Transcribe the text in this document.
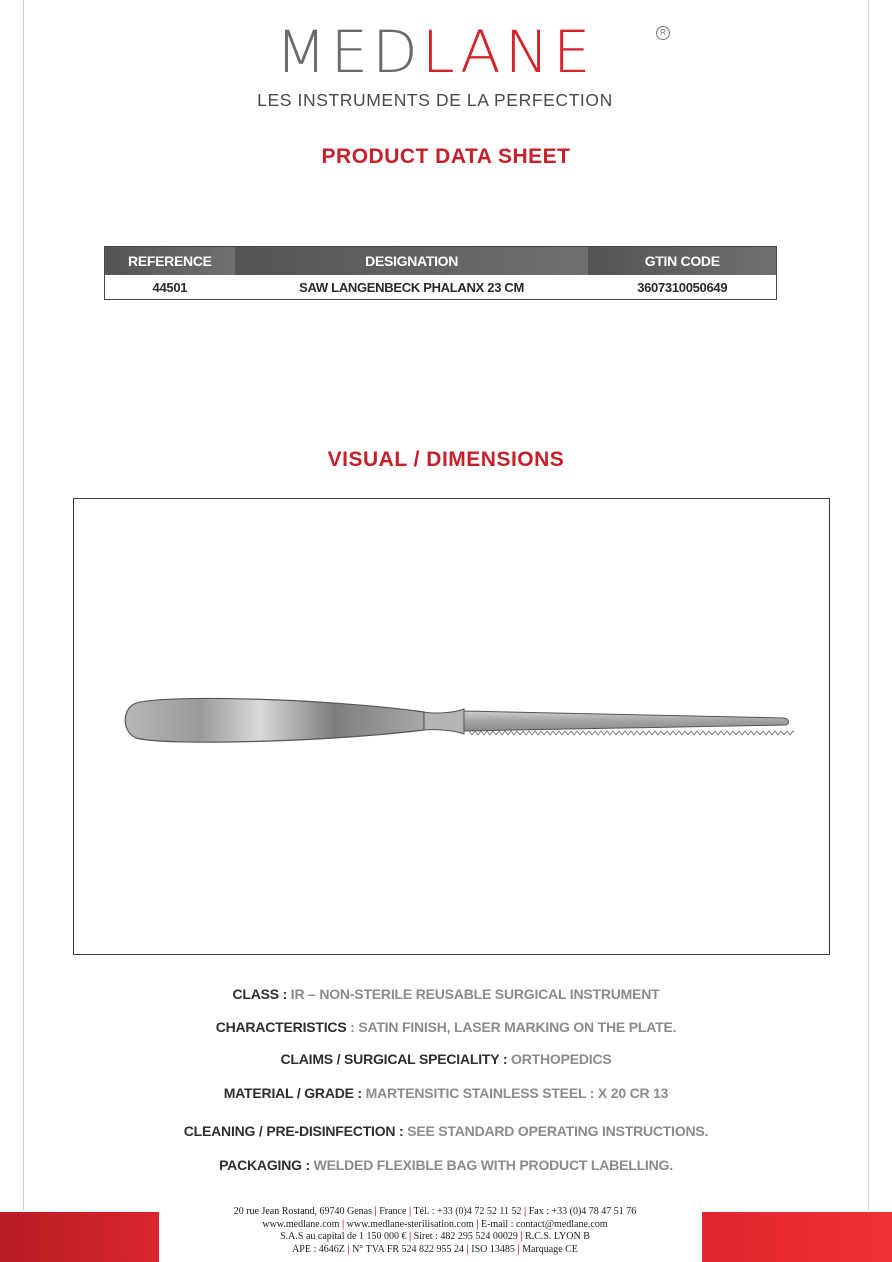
MEDLANE	R
LES INSTRUMENTS DE LA PERFECTION
PRODUCT DATA SHEET
REFERENCE	DESIGNATION	GTIN CODE
44501	SAW LANGENBECK PHALANX 23 CM	3607310050649
VISUAL / DIMENSIONS
CLASS : IR – NON-STERILE REUSABLE SURGICAL INSTRUMENT
CHARACTERISTICS : SATIN FINISH, LASER MARKING ON THE PLATE.
CLAIMS / SURGICAL SPECIALITY : ORTHOPEDICS
MATERIAL / GRADE : MARTENSITIC STAINLESS STEEL : X 20 CR 13
CLEANING / PRE-DISINFECTION : SEE STANDARD OPERATING INSTRUCTIONS.
PACKAGING : WELDED FLEXIBLE BAG WITH PRODUCT LABELLING.
20 rue Jean Rostand, 69740 Genas | France | Tél. : +33 (0)4 72 52 11 52 | Fax : +33 (0)4 78 47 51 76
www.medlane.com | www.medlane-sterilisation.com | E-mail : contact@medlane.com
S.A.S au capital de 1 150 000 € | Siret : 482 295 524 00029 | R.C.S. LYON B
APE : 4646Z | N° TVA FR 524 822 955 24 | ISO 13485 | Marquage CE
